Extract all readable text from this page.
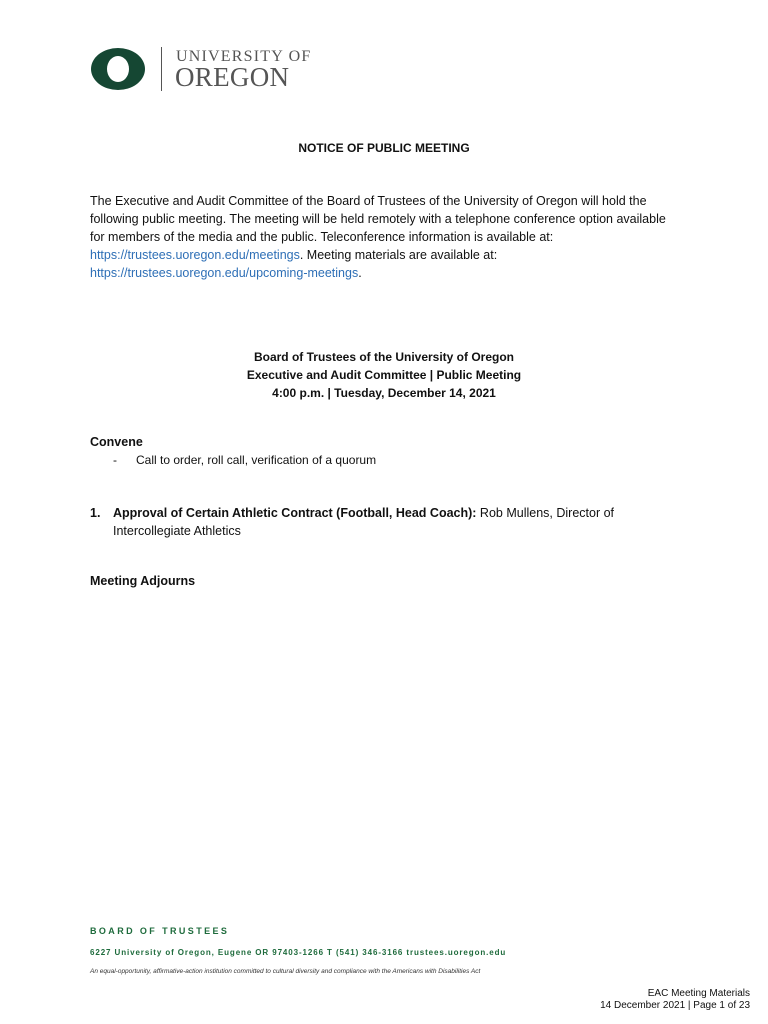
UNIVERSITY OF
OREGON
NOTICE OF PUBLIC MEETING
The Executive and Audit Committee of the Board of Trustees of the University of Oregon will hold the following public meeting. The meeting will be held remotely with a telephone conference option available for members of the media and the public. Teleconference information is available at: https://trustees.uoregon.edu/meetings. Meeting materials are available at: https://trustees.uoregon.edu/upcoming-meetings.
Board of Trustees of the University of Oregon
Executive and Audit Committee | Public Meeting
4:00 p.m. | Tuesday, December 14, 2021
Convene
- Call to order, roll call, verification of a quorum
1. Approval of Certain Athletic Contract (Football, Head Coach): Rob Mullens, Director of Intercollegiate Athletics
Meeting Adjourns
BOARD OF TRUSTEES
6227 University of Oregon, Eugene OR 97403-1266 T (541) 346-3166 trustees.uoregon.edu
An equal-opportunity, affirmative-action institution committed to cultural diversity and compliance with the Americans with Disabilities Act
EAC Meeting Materials
14 December 2021 | Page 1 of 23
